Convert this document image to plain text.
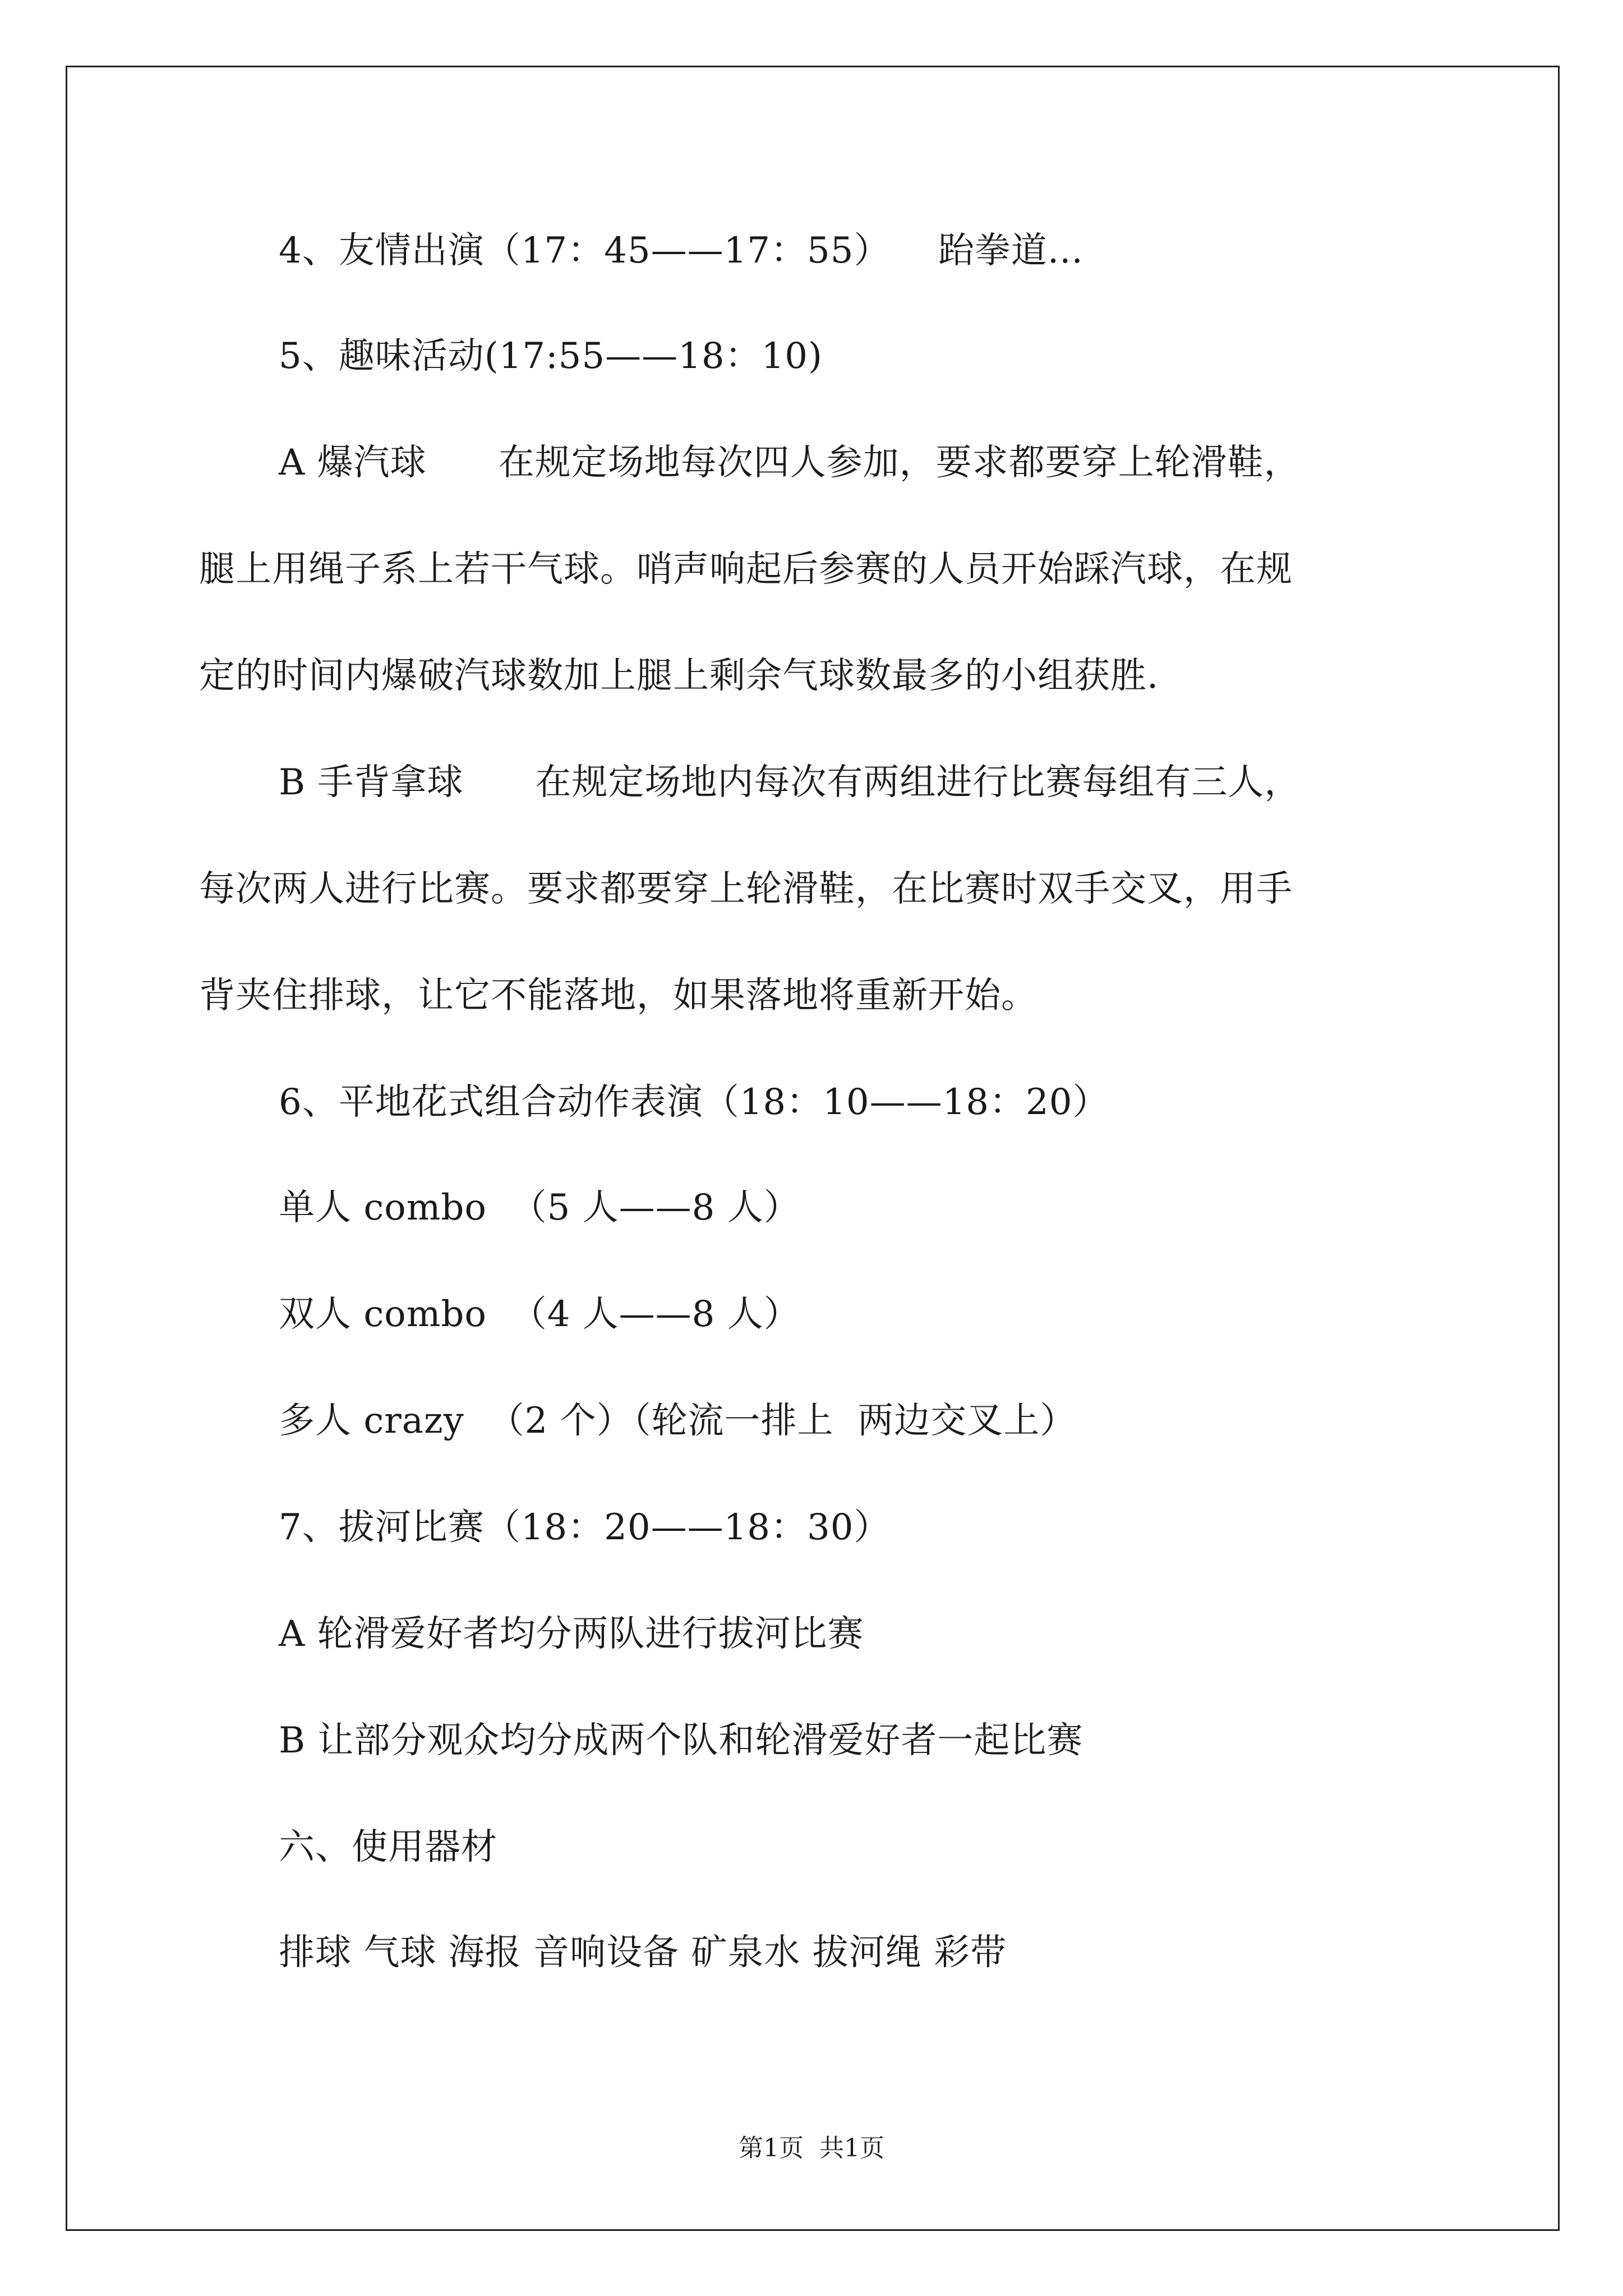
4、友情出演（17：45——17：55）    跆拳道...
5、趣味活动(17:55——18：10)
A 爆汽球      在规定场地每次四人参加，要求都要穿上轮滑鞋，
腿上用绳子系上若干气球。哨声响起后参赛的人员开始踩汽球，在规
定的时间内爆破汽球数加上腿上剩余气球数最多的小组获胜.
B 手背拿球      在规定场地内每次有两组进行比赛每组有三人，
每次两人进行比赛。要求都要穿上轮滑鞋，在比赛时双手交叉，用手
背夹住排球，让它不能落地，如果落地将重新开始。
6、平地花式组合动作表演（18：10——18：20）
单人 combo  （5 人——8 人）
双人 combo  （4 人——8 人）
多人 crazy  （2 个）（轮流一排上  两边交叉上）
7、拔河比赛（18：20——18：30）
A 轮滑爱好者均分两队进行拔河比赛
B 让部分观众均分成两个队和轮滑爱好者一起比赛
六、使用器材
排球 气球 海报 音响设备 矿泉水 拔河绳 彩带
第1页  共1页
